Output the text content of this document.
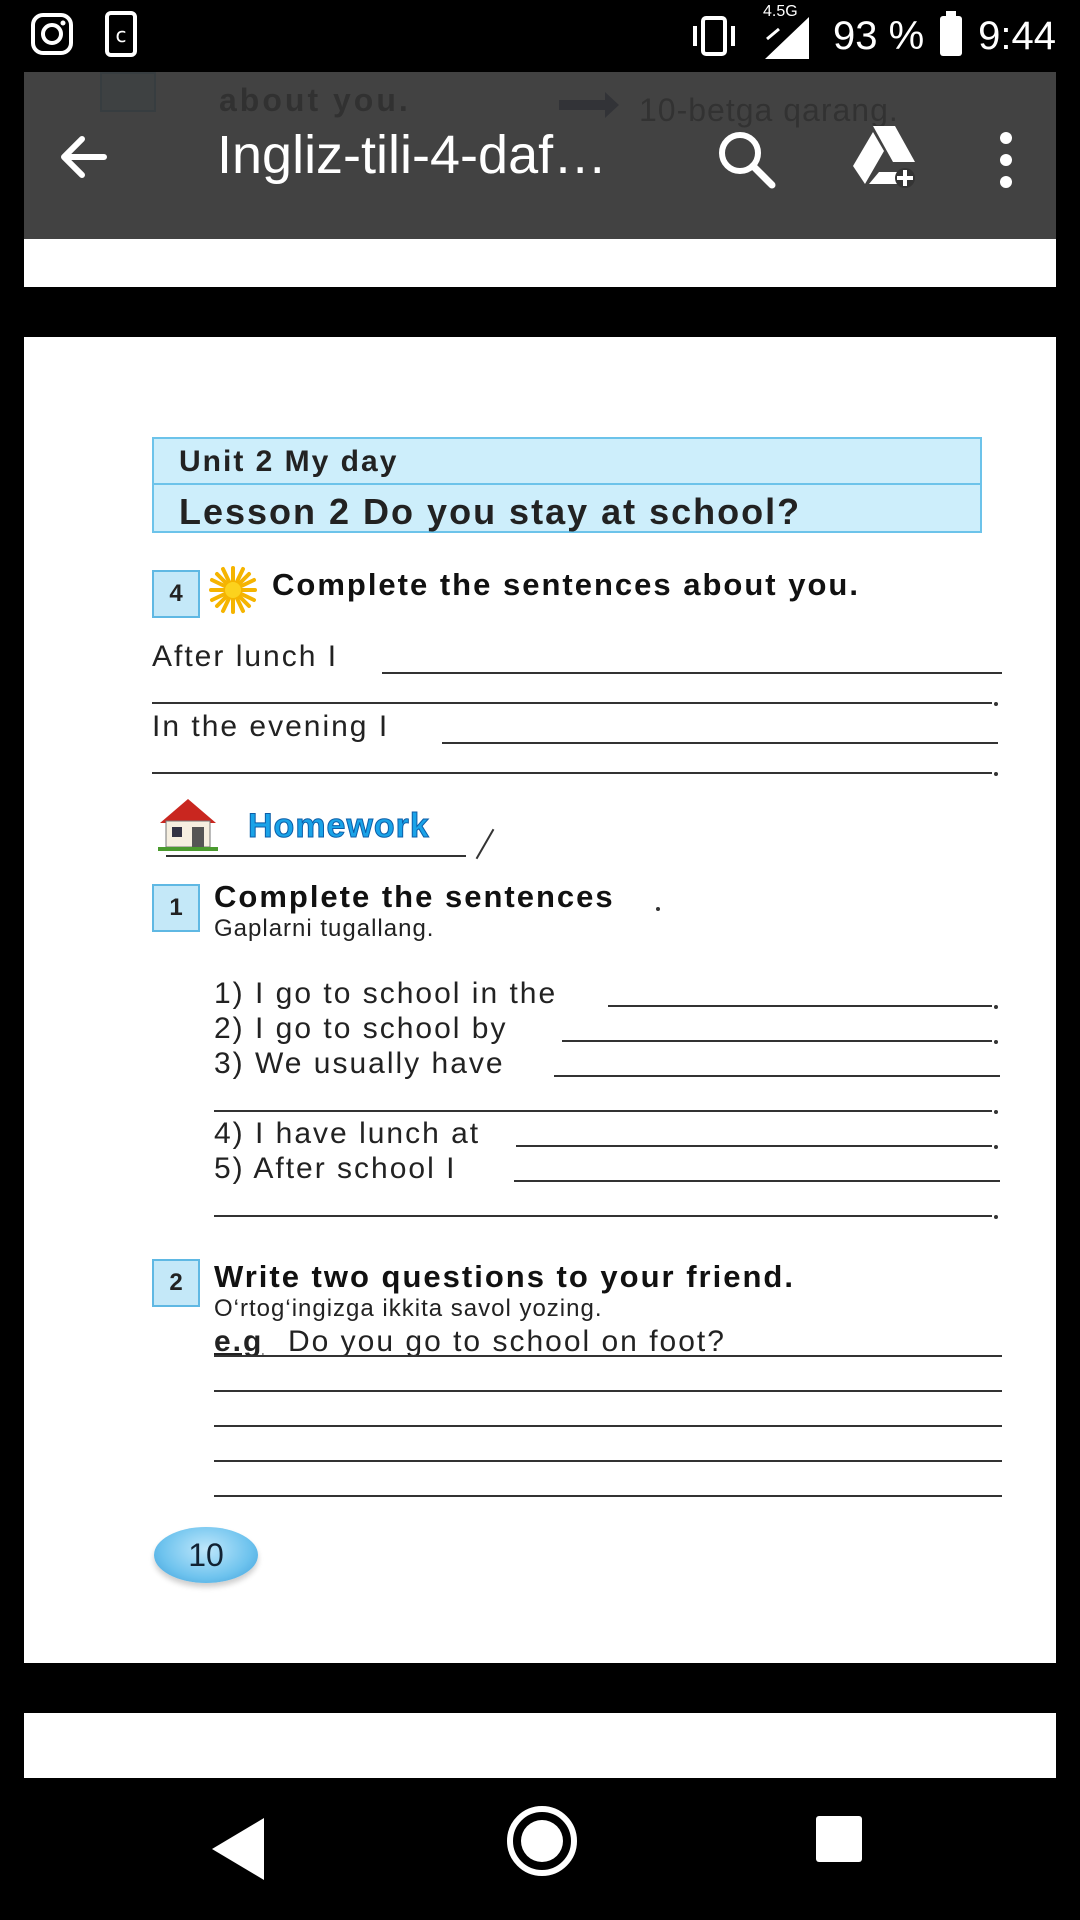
c
4.5G
93 % 9:44
Ingliz-tili-4-daf…
Unit 2 My day
Lesson 2 Do you stay at school?
4	Complete the sentences about you.
After lunch I
In the evening I
Homework
1	Complete the sentences
Gaplarni tugallang.
1) I go to school in the
2) I go to school by
3) We usually have
4) I have lunch at
5) After school I
2	Write two questions to your friend.
O‘rtog‘ingizga ikkita savol yozing.
e.g Do you go to school on foot?
10
